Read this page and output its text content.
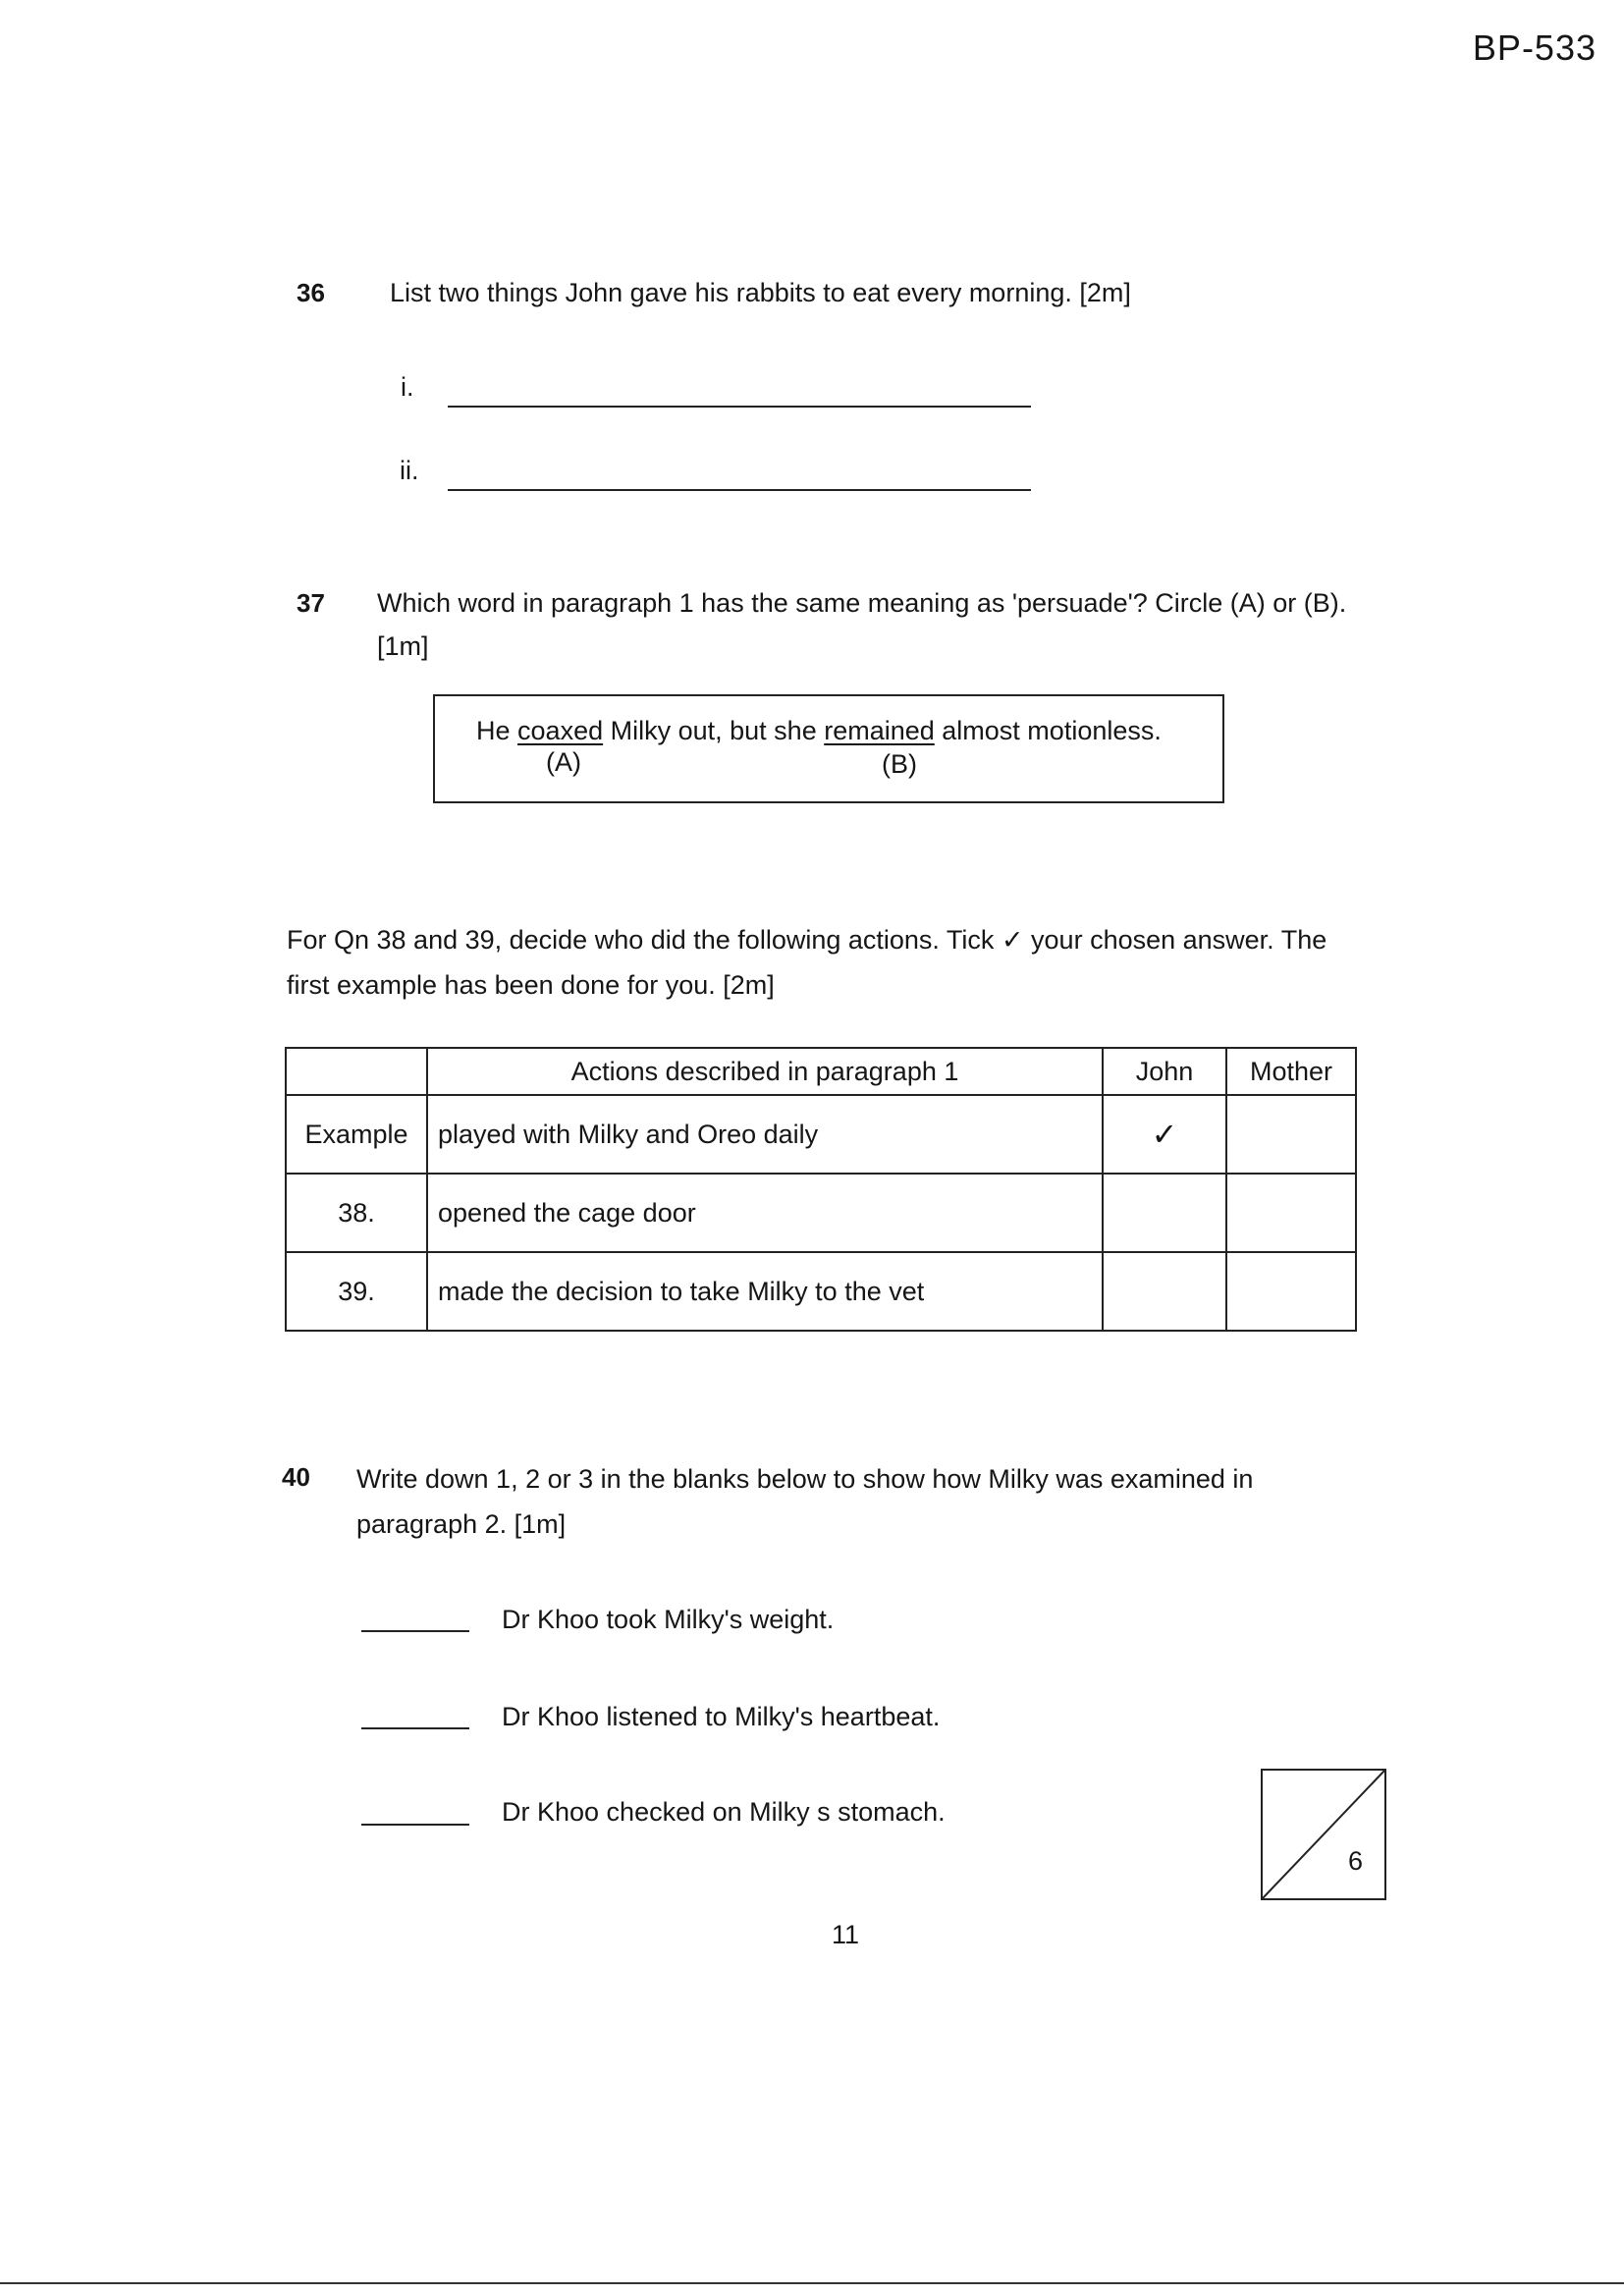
BP-533
36 List two things John gave his rabbits to eat every morning. [2m]
i.
ii.
37 Which word in paragraph 1 has the same meaning as 'persuade'? Circle (A) or (B).
[1m]
He coaxed Milky out, but she remained almost motionless.
(A)	(B)
For Qn 38 and 39, decide who did the following actions. Tick ✓ your chosen answer. The
first example has been done for you. [2m]
	Actions described in paragraph 1	John	Mother
Example	played with Milky and Oreo daily	✓	
38.	opened the cage door		
39.	made the decision to take Milky to the vet		
40 Write down 1, 2 or 3 in the blanks below to show how Milky was examined in
paragraph 2. [1m]
Dr Khoo took Milky's weight.
Dr Khoo listened to Milky's heartbeat.
Dr Khoo checked on Milky s stomach.
6
11
